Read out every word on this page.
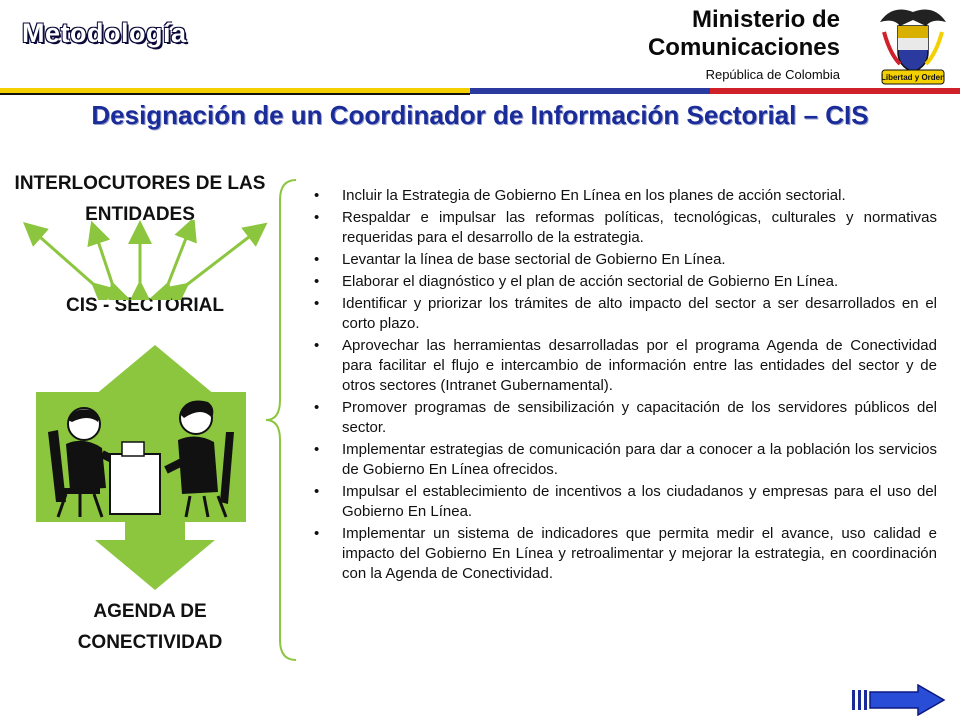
Metodología	Ministerio de
Comunicaciones
República de Colombia	Libertad y Orden
Designación de un Coordinador de Información Sectorial – CIS
INTERLOCUTORES DE LAS ENTIDADES
CIS - SECTORIAL
AGENDA DE CONECTIVIDAD
• Incluir la Estrategia de Gobierno En Línea en los planes de acción sectorial.
• Respaldar e impulsar las reformas políticas, tecnológicas, culturales y normativas requeridas para el desarrollo de la estrategia.
• Levantar la línea de base sectorial de Gobierno En Línea.
• Elaborar el diagnóstico y el plan de acción sectorial de Gobierno En Línea.
• Identificar y priorizar los trámites de alto impacto del sector a ser desarrollados en el corto plazo.
• Aprovechar las herramientas desarrolladas por el programa Agenda de Conectividad para facilitar el flujo e intercambio de información entre las entidades del sector y de otros sectores (Intranet Gubernamental).
• Promover programas de sensibilización y capacitación de los servidores públicos del sector.
• Implementar estrategias de comunicación para dar a conocer a la población los servicios de Gobierno En Línea ofrecidos.
• Impulsar el establecimiento de incentivos a los ciudadanos y empresas para el uso del Gobierno En Línea.
• Implementar un sistema de indicadores que permita medir el avance, uso calidad e impacto del Gobierno En Línea y retroalimentar y mejorar la estrategia, en coordinación con la Agenda de Conectividad.
